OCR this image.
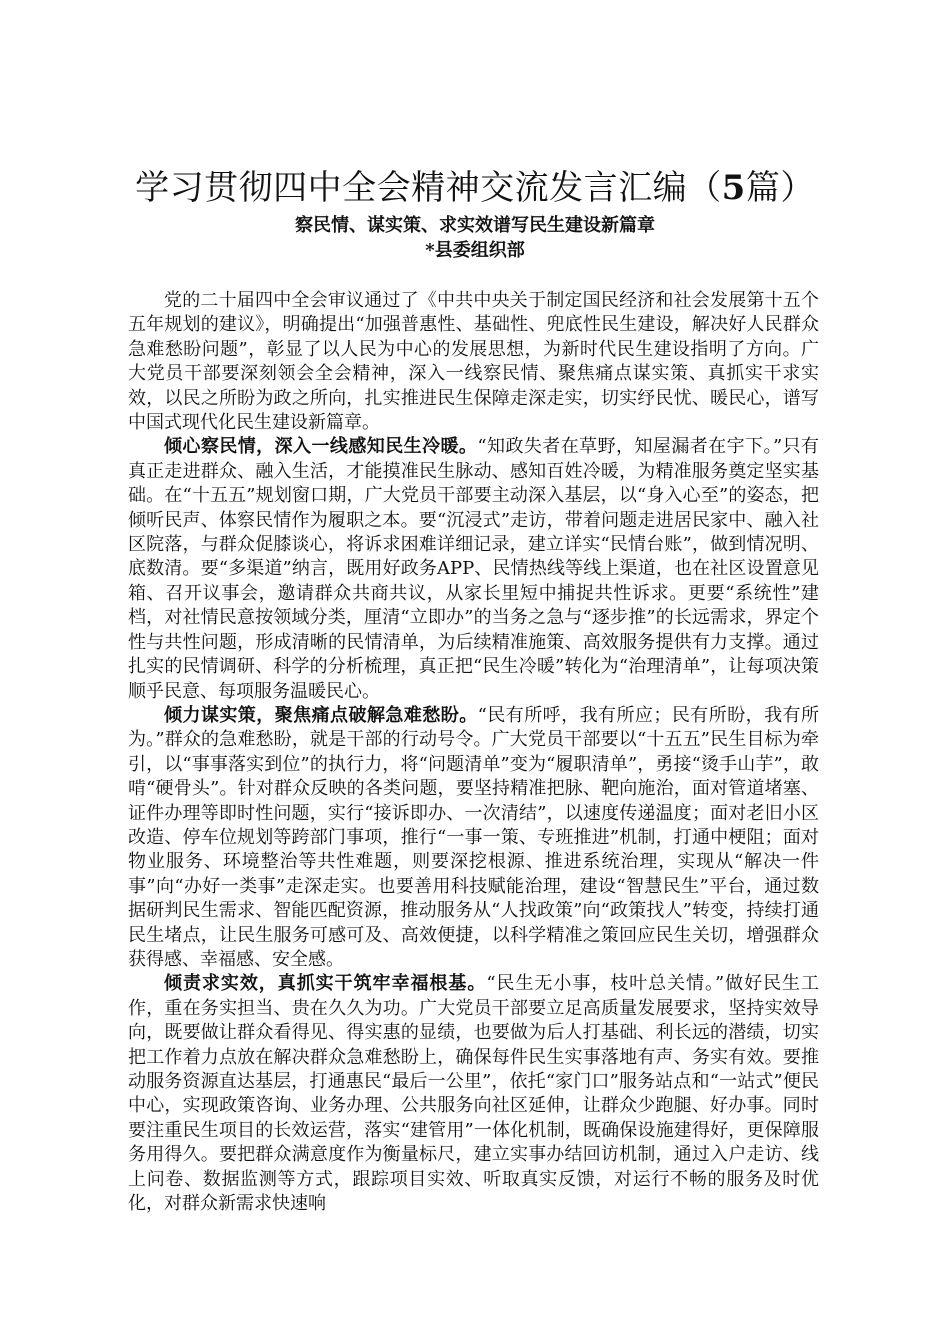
学习贯彻四中全会精神交流发言汇编（5篇）
察民情、谋实策、求实效谱写民生建设新篇章
*县委组织部

党的二十届四中全会审议通过了《中共中央关于制定国民经济和社会发展第十五个五年规划的建议》，明确提出“加强普惠性、基础性、兜底性民生建设，解决好人民群众急难愁盼问题”，彰显了以人民为中心的发展思想，为新时代民生建设指明了方向。广大党员干部要深刻领会全会精神，深入一线察民情、聚焦痛点谋实策、真抓实干求实效，以民之所盼为政之所向，扎实推进民生保障走深走实，切实纾民忧、暖民心，谱写中国式现代化民生建设新篇章。

倾心察民情，深入一线感知民生冷暖。“知政失者在草野，知屋漏者在宇下。”只有真正走进群众、融入生活，才能摸准民生脉动、感知百姓冷暖，为精准服务奠定坚实基础。在“十五五”规划窗口期，广大党员干部要主动深入基层，以“身入心至”的姿态，把倾听民声、体察民情作为履职之本。要“沉浸式”走访，带着问题走进居民家中、融入社区院落，与群众促膝谈心，将诉求困难详细记录，建立详实“民情台账”，做到情况明、底数清。要“多渠道”纳言，既用好政务APP、民情热线等线上渠道，也在社区设置意见箱、召开议事会，邀请群众共商共议，从家长里短中捕捉共性诉求。更要“系统性”建档，对社情民意按领域分类，厘清“立即办”的当务之急与“逐步推”的长远需求，界定个性与共性问题，形成清晰的民情清单，为后续精准施策、高效服务提供有力支撑。通过扎实的民情调研、科学的分析梳理，真正把“民生冷暖”转化为“治理清单”，让每项决策顺乎民意、每项服务温暖民心。

倾力谋实策，聚焦痛点破解急难愁盼。“民有所呼，我有所应；民有所盼，我有所为。”群众的急难愁盼，就是干部的行动号令。广大党员干部要以“十五五”民生目标为牵引，以“事事落实到位”的执行力，将“问题清单”变为“履职清单”，勇接“烫手山芋”，敢啃“硬骨头”。针对群众反映的各类问题，要坚持精准把脉、靶向施治，面对管道堵塞、证件办理等即时性问题，实行“接诉即办、一次清结”，以速度传递温度；面对老旧小区改造、停车位规划等跨部门事项，推行“一事一策、专班推进”机制，打通中梗阻；面对物业服务、环境整治等共性难题，则要深挖根源、推进系统治理，实现从“解决一件事”向“办好一类事”走深走实。也要善用科技赋能治理，建设“智慧民生”平台，通过数据研判民生需求、智能匹配资源，推动服务从“人找政策”向“政策找人”转变，持续打通民生堵点，让民生服务可感可及、高效便捷，以科学精准之策回应民生关切，增强群众获得感、幸福感、安全感。

倾责求实效，真抓实干筑牢幸福根基。“民生无小事，枝叶总关情。”做好民生工作，重在务实担当、贵在久久为功。广大党员干部要立足高质量发展要求，坚持实效导向，既要做让群众看得见、得实惠的显绩，也要做为后人打基础、利长远的潜绩，切实把工作着力点放在解决群众急难愁盼上，确保每件民生实事落地有声、务实有效。要推动服务资源直达基层，打通惠民“最后一公里”，依托“家门口”服务站点和“一站式”便民中心，实现政策咨询、业务办理、公共服务向社区延伸，让群众少跑腿、好办事。同时要注重民生项目的长效运营，落实“建管用”一体化机制，既确保设施建得好，更保障服务用得久。要把群众满意度作为衡量标尺，建立实事办结回访机制，通过入户走访、线上问卷、数据监测等方式，跟踪项目实效、听取真实反馈，对运行不畅的服务及时优化，对群众新需求快速响
